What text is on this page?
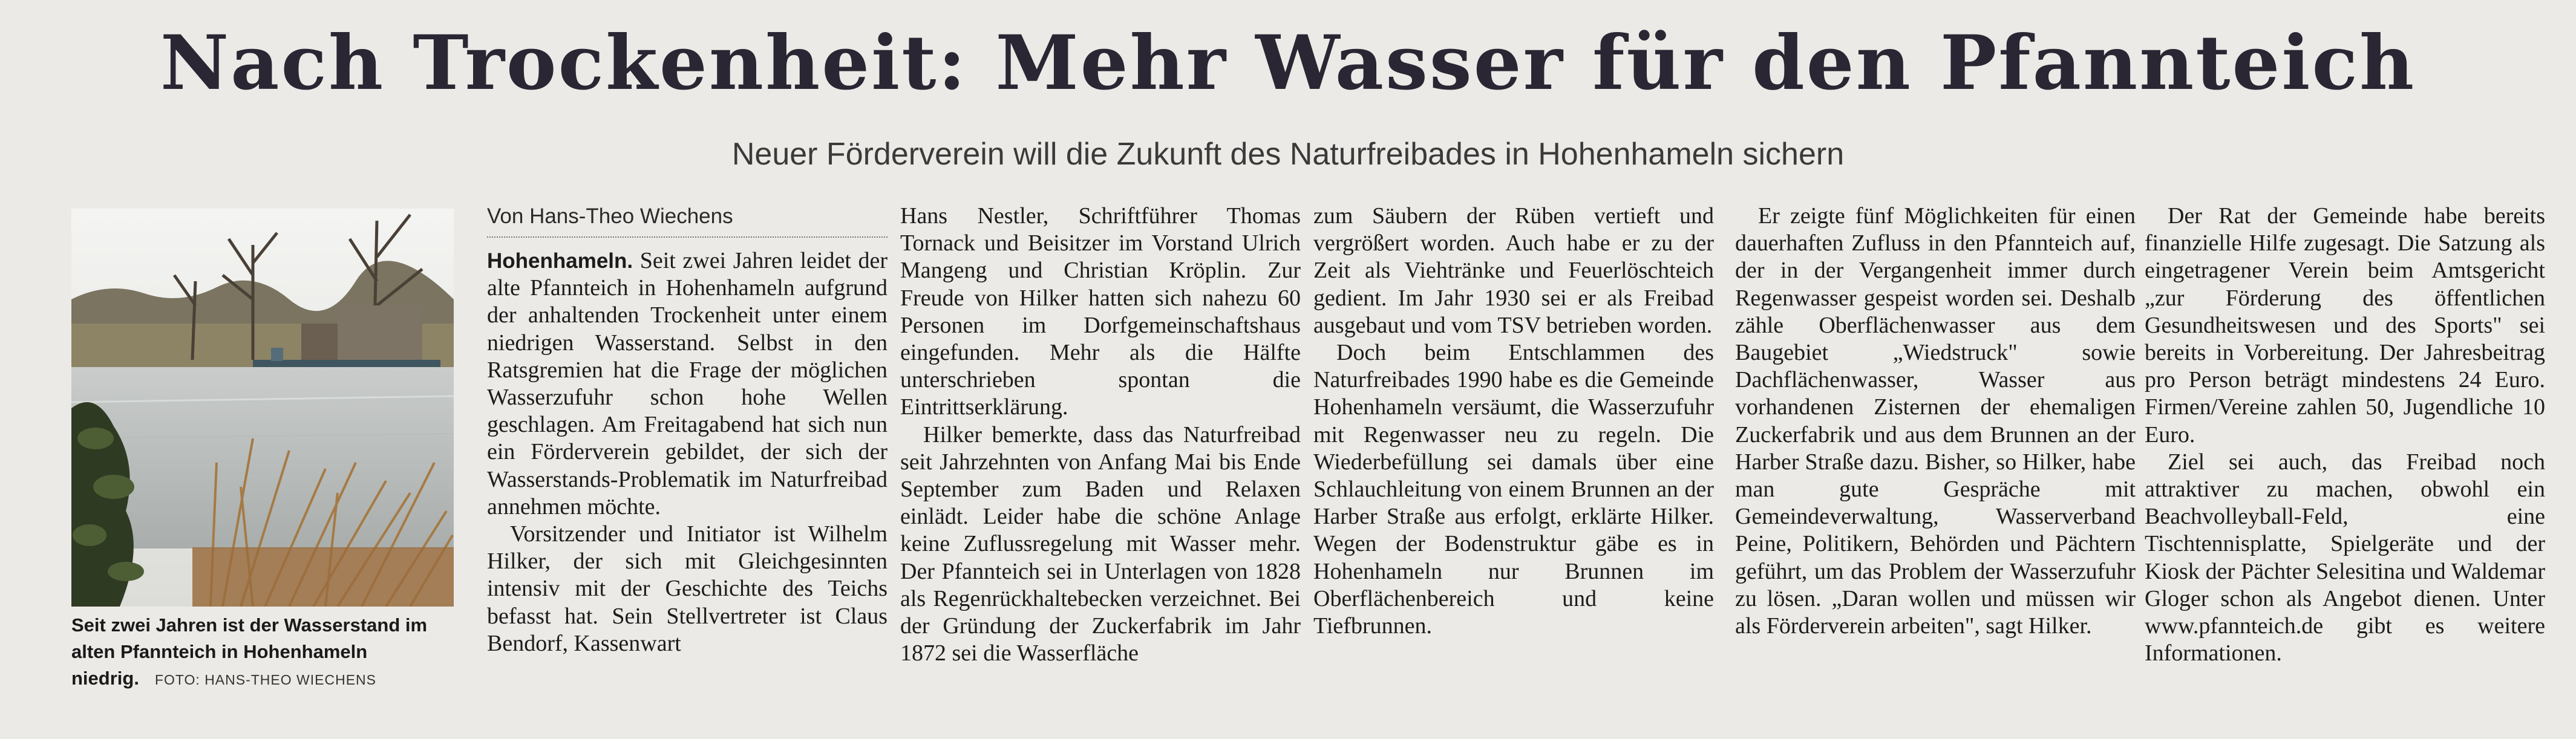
Nach Trockenheit: Mehr Wasser für den Pfannteich
Neuer Förderverein will die Zukunft des Naturfreibades in Hohenhameln sichern
Seit zwei Jahren ist der Wasserstand im alten Pfannteich in Hohenhameln niedrig. FOTO: HANS-THEO WIECHENS
Von Hans-Theo Wiechens

Hohenhameln. Seit zwei Jahren leidet der alte Pfannteich in Hohenhameln aufgrund der anhaltenden Trockenheit unter einem niedrigen Wasserstand. Selbst in den Ratsgremien hat die Frage der möglichen Wasserzufuhr schon hohe Wellen geschlagen. Am Freitagabend hat sich nun ein Förderverein gebildet, der sich der Wasserstands-Problematik im Naturfreibad annehmen möchte.

Vorsitzender und Initiator ist Wilhelm Hilker, der sich mit Gleichgesinnten intensiv mit der Geschichte des Teichs befasst hat. Sein Stellvertreter ist Claus Bendorf, Kassenwart

Hans Nestler, Schriftführer Thomas Tornack und Beisitzer im Vorstand Ulrich Mangeng und Christian Kröplin. Zur Freude von Hilker hatten sich nahezu 60 Personen im Dorfgemeinschaftshaus eingefunden. Mehr als die Hälfte unterschrieben spontan die Eintrittserklärung.

Hilker bemerkte, dass das Naturfreibad seit Jahrzehnten von Anfang Mai bis Ende September zum Baden und Relaxen einlädt. Leider habe die schöne Anlage keine Zuflussregelung mit Wasser mehr. Der Pfannteich sei in Unterlagen von 1828 als Regenrückhaltebecken verzeichnet. Bei der Gründung der Zuckerfabrik im Jahr 1872 sei die Wasserfläche

zum Säubern der Rüben vertieft und vergrößert worden. Auch habe er zu der Zeit als Viehtränke und Feuerlöschteich gedient. Im Jahr 1930 sei er als Freibad ausgebaut und vom TSV betrieben worden.

Doch beim Entschlammen des Naturfreibades 1990 habe es die Gemeinde Hohenhameln versäumt, die Wasserzufuhr mit Regenwasser neu zu regeln. Die Wiederbefüllung sei damals über eine Schlauchleitung von einem Brunnen an der Harber Straße aus erfolgt, erklärte Hilker. Wegen der Bodenstruktur gäbe es in Hohenhameln nur Brunnen im Oberflächenbereich und keine Tiefbrunnen.

Er zeigte fünf Möglichkeiten für einen dauerhaften Zufluss in den Pfannteich auf, der in der Vergangenheit immer durch Regenwasser gespeist worden sei. Deshalb zähle Oberflächenwasser aus dem Baugebiet „Wiedstruck" sowie Dachflächenwasser, Wasser aus vorhandenen Zisternen der ehemaligen Zuckerfabrik und aus dem Brunnen an der Harber Straße dazu. Bisher, so Hilker, habe man gute Gespräche mit Gemeindeverwaltung, Wasserverband Peine, Politikern, Behörden und Pächtern geführt, um das Problem der Wasserzufuhr zu lösen. „Daran wollen und müssen wir als Förderverein arbeiten", sagt Hilker.

Der Rat der Gemeinde habe bereits finanzielle Hilfe zugesagt. Die Satzung als eingetragener Verein beim Amtsgericht „zur Förderung des öffentlichen Gesundheitswesen und des Sports" sei bereits in Vorbereitung. Der Jahresbeitrag pro Person beträgt mindestens 24 Euro. Firmen/Vereine zahlen 50, Jugendliche 10 Euro.

Ziel sei auch, das Freibad noch attraktiver zu machen, obwohl ein Beachvolleyball-Feld, eine Tischtennisplatte, Spielgeräte und der Kiosk der Pächter Selesitina und Waldemar Gloger schon als Angebot dienen. Unter www.pfannteich.de gibt es weitere Informationen.
